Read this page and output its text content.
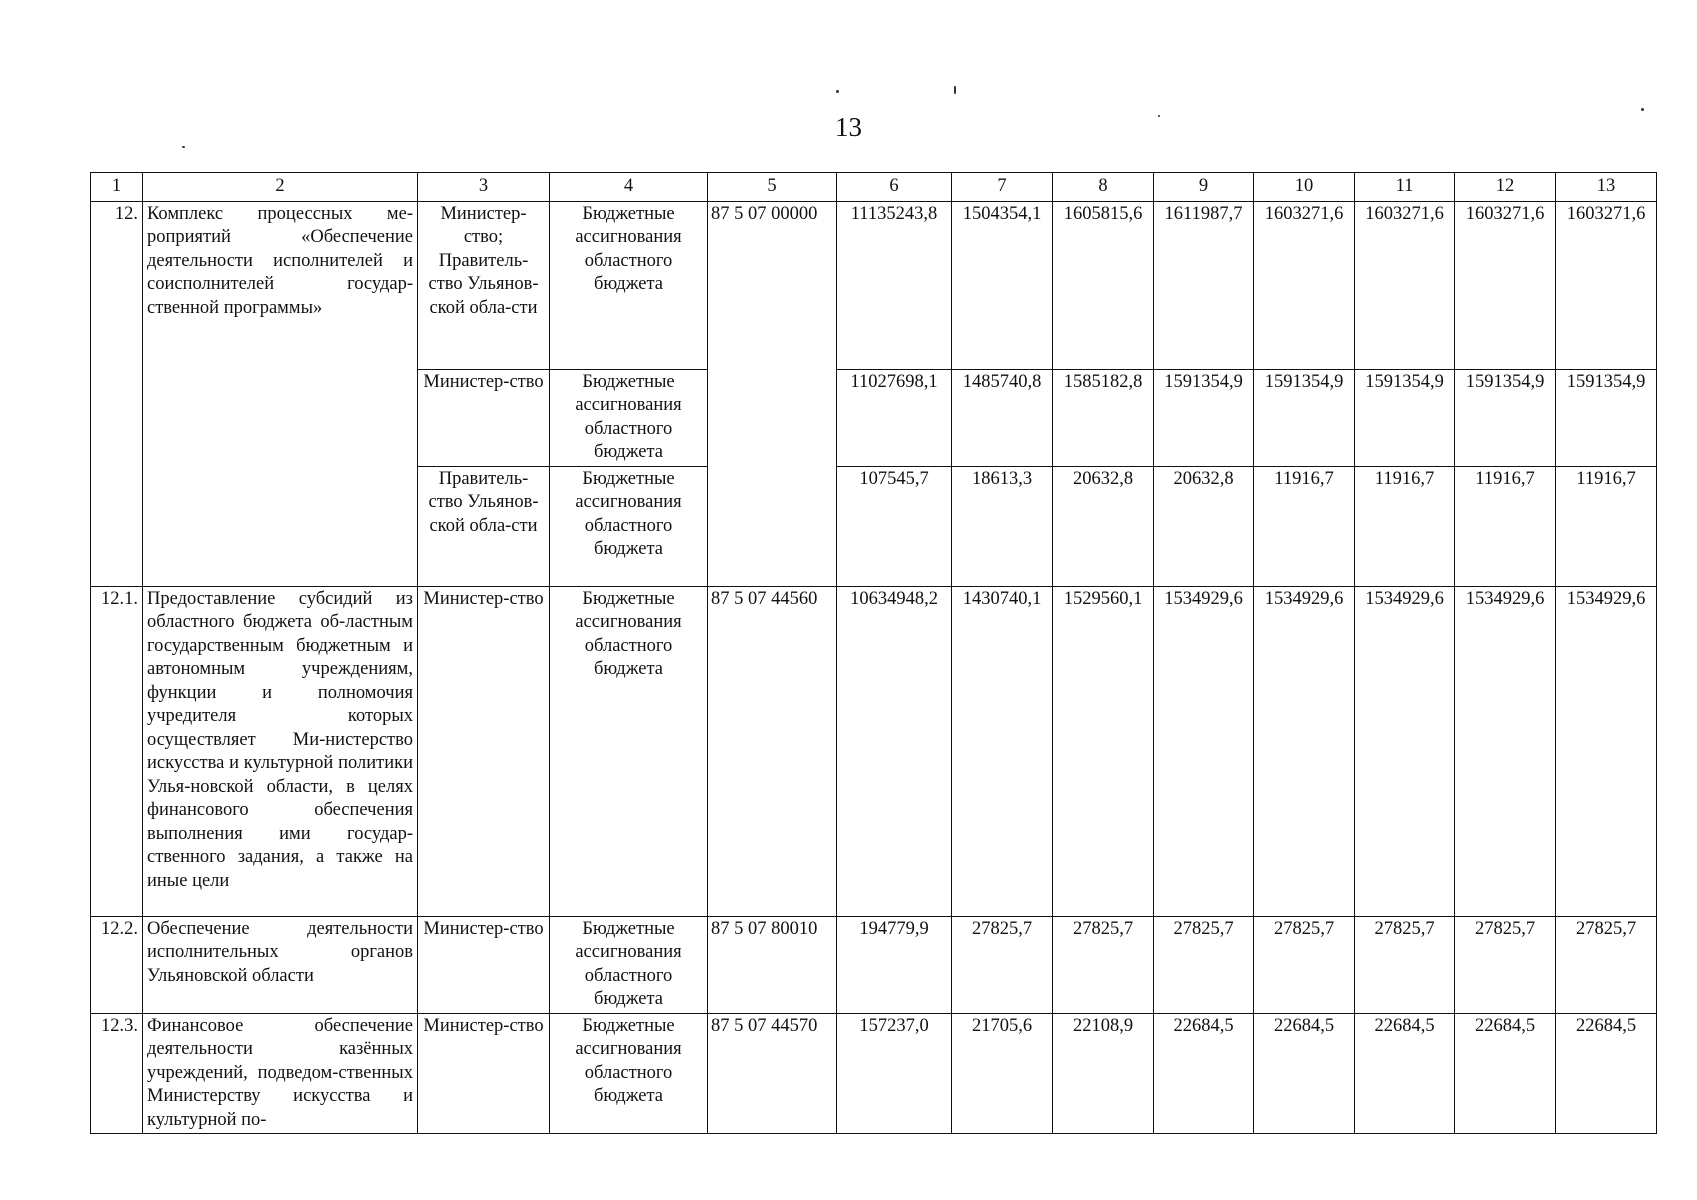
13
1	2	3	4	5	6	7	8	9	10	11	12	13
12.	Комплекс процессных ме-роприятий «Обеспечение деятельности исполнителей и соисполнителей государ-ственной программы»	Министер-ство; Правитель-ство Ульянов-ской обла-сти	Бюджетные ассигнования областного бюджета	87 5 07 00000	11135243,8	1504354,1	1605815,6	1611987,7	1603271,6	1603271,6	1603271,6	1603271,6
		Министер-ство	Бюджетные ассигнования областного бюджета		11027698,1	1485740,8	1585182,8	1591354,9	1591354,9	1591354,9	1591354,9	1591354,9
		Правитель-ство Ульянов-ской обла-сти	Бюджетные ассигнования областного бюджета		107545,7	18613,3	20632,8	20632,8	11916,7	11916,7	11916,7	11916,7
12.1.	Предоставление субсидий из областного бюджета об-ластным государственным бюджетным и автономным учреждениям, функции и полномочия учредителя которых осуществляет Ми-нистерство искусства и культурной политики Улья-новской области, в целях финансового обеспечения выполнения ими государ-ственного задания, а также на иные цели	Министер-ство	Бюджетные ассигнования областного бюджета	87 5 07 44560	10634948,2	1430740,1	1529560,1	1534929,6	1534929,6	1534929,6	1534929,6	1534929,6
12.2.	Обеспечение деятельности исполнительных органов Ульяновской области	Министер-ство	Бюджетные ассигнования областного бюджета	87 5 07 80010	194779,9	27825,7	27825,7	27825,7	27825,7	27825,7	27825,7	27825,7
12.3.	Финансовое обеспечение деятельности казённых учреждений, подведом-ственных Министерству искусства и культурной по-	Министер-ство	Бюджетные ассигнования областного бюджета	87 5 07 44570	157237,0	21705,6	22108,9	22684,5	22684,5	22684,5	22684,5	22684,5
